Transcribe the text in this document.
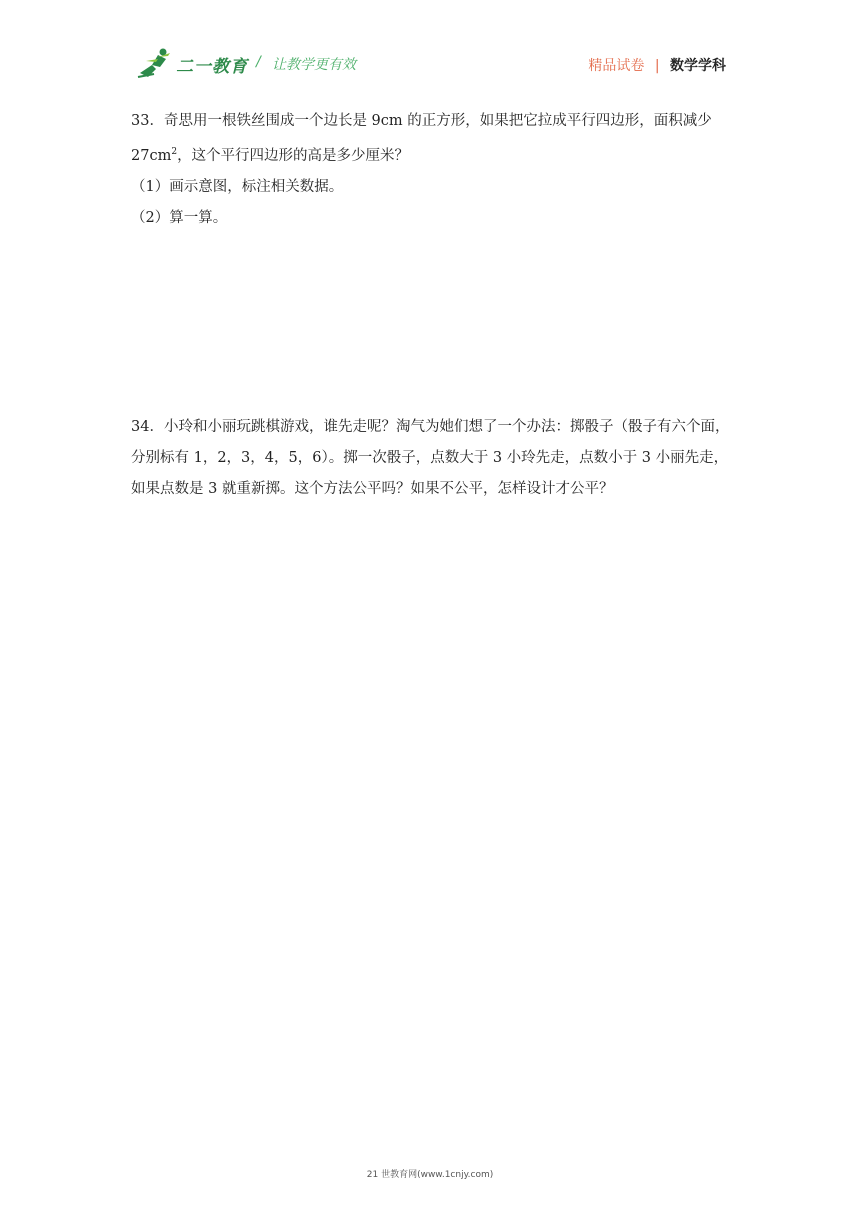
二一教育 / 让教学更有效	精品试卷 | 数学学科

33．奇思用一根铁丝围成一个边长是 9cm 的正方形，如果把它拉成平行四边形，面积减少

$27cm^2$，这个平行四边形的高是多少厘米？

（1）画示意图，标注相关数据。

（2）算一算。

34．小玲和小丽玩跳棋游戏，谁先走呢？淘气为她们想了一个办法：掷骰子（骰子有六个面，

分别标有 1，2，3，4，5，6）。掷一次骰子，点数大于 3 小玲先走，点数小于 3 小丽先走，

如果点数是 3 就重新掷。这个方法公平吗？如果不公平，怎样设计才公平？

21 世教育网(www.1cnjy.com)
